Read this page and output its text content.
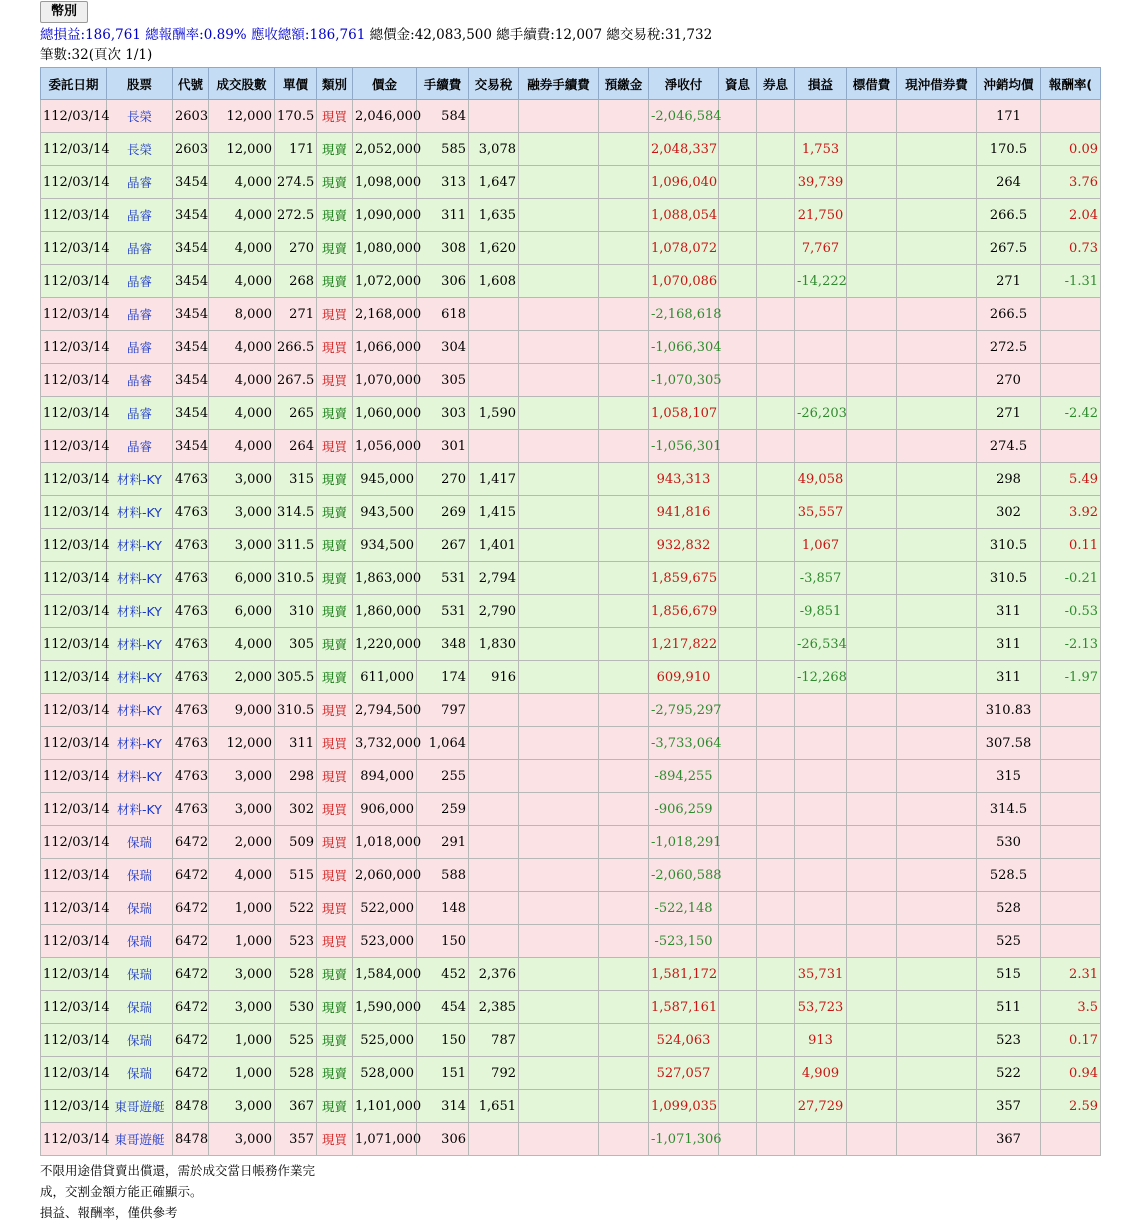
幣別
總損益:186,761 總報酬率:0.89% 應收總額:186,761 總價金:42,083,500 總手續費:12,007 總交易稅:31,732
筆數:32(頁次 1/1)
委託日期	股票	代號	成交股數	單價	類別	價金	手續費	交易稅	融券手續費	預繳金	淨收付	資息	券息	損益	標借費	現沖借券費	沖銷均價	報酬率(
112/03/14	長榮	2603	12,000	170.5	現買	2,046,000	584				-2,046,584						171	
112/03/14	長榮	2603	12,000	171	現賣	2,052,000	585	3,078			2,048,337			1,753			170.5	0.09
112/03/14	晶睿	3454	4,000	274.5	現賣	1,098,000	313	1,647			1,096,040			39,739			264	3.76
112/03/14	晶睿	3454	4,000	272.5	現賣	1,090,000	311	1,635			1,088,054			21,750			266.5	2.04
112/03/14	晶睿	3454	4,000	270	現賣	1,080,000	308	1,620			1,078,072			7,767			267.5	0.73
112/03/14	晶睿	3454	4,000	268	現賣	1,072,000	306	1,608			1,070,086			-14,222			271	-1.31
112/03/14	晶睿	3454	8,000	271	現買	2,168,000	618				-2,168,618						266.5	
112/03/14	晶睿	3454	4,000	266.5	現買	1,066,000	304				-1,066,304						272.5	
112/03/14	晶睿	3454	4,000	267.5	現買	1,070,000	305				-1,070,305						270	
112/03/14	晶睿	3454	4,000	265	現賣	1,060,000	303	1,590			1,058,107			-26,203			271	-2.42
112/03/14	晶睿	3454	4,000	264	現買	1,056,000	301				-1,056,301						274.5	
112/03/14	材料-KY	4763	3,000	315	現賣	945,000	270	1,417			943,313			49,058			298	5.49
112/03/14	材料-KY	4763	3,000	314.5	現賣	943,500	269	1,415			941,816			35,557			302	3.92
112/03/14	材料-KY	4763	3,000	311.5	現賣	934,500	267	1,401			932,832			1,067			310.5	0.11
112/03/14	材料-KY	4763	6,000	310.5	現賣	1,863,000	531	2,794			1,859,675			-3,857			310.5	-0.21
112/03/14	材料-KY	4763	6,000	310	現賣	1,860,000	531	2,790			1,856,679			-9,851			311	-0.53
112/03/14	材料-KY	4763	4,000	305	現賣	1,220,000	348	1,830			1,217,822			-26,534			311	-2.13
112/03/14	材料-KY	4763	2,000	305.5	現賣	611,000	174	916			609,910			-12,268			311	-1.97
112/03/14	材料-KY	4763	9,000	310.5	現買	2,794,500	797				-2,795,297						310.83	
112/03/14	材料-KY	4763	12,000	311	現買	3,732,000	1,064				-3,733,064						307.58	
112/03/14	材料-KY	4763	3,000	298	現買	894,000	255				-894,255						315	
112/03/14	材料-KY	4763	3,000	302	現買	906,000	259				-906,259						314.5	
112/03/14	保瑞	6472	2,000	509	現買	1,018,000	291				-1,018,291						530	
112/03/14	保瑞	6472	4,000	515	現買	2,060,000	588				-2,060,588						528.5	
112/03/14	保瑞	6472	1,000	522	現買	522,000	148				-522,148						528	
112/03/14	保瑞	6472	1,000	523	現買	523,000	150				-523,150						525	
112/03/14	保瑞	6472	3,000	528	現賣	1,584,000	452	2,376			1,581,172			35,731			515	2.31
112/03/14	保瑞	6472	3,000	530	現賣	1,590,000	454	2,385			1,587,161			53,723			511	3.5
112/03/14	保瑞	6472	1,000	525	現賣	525,000	150	787			524,063			913			523	0.17
112/03/14	保瑞	6472	1,000	528	現賣	528,000	151	792			527,057			4,909			522	0.94
112/03/14	東哥遊艇	8478	3,000	367	現賣	1,101,000	314	1,651			1,099,035			27,729			357	2.59
112/03/14	東哥遊艇	8478	3,000	357	現買	1,071,000	306				-1,071,306						367	
不限用途借貸賣出償還，需於成交當日帳務作業完
成，交割金額方能正確顯示。
損益、報酬率，僅供參考
